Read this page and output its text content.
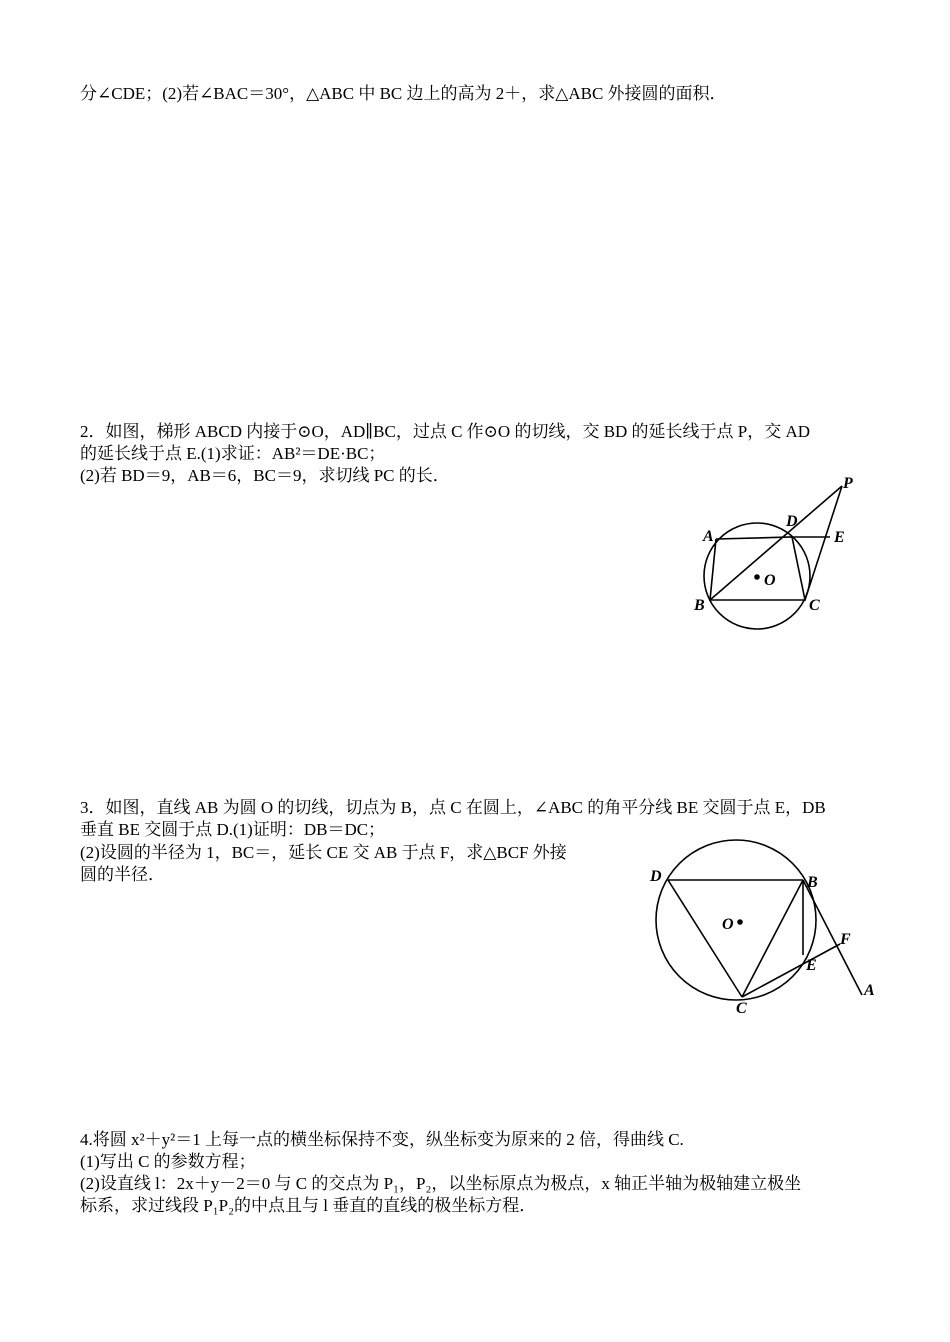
分∠CDE；(2)若∠BAC＝30°，△ABC 中 BC 边上的高为 2＋，求△ABC 外接圆的面积．
2．如图，梯形 ABCD 内接于⊙O，AD∥BC，过点 C 作⊙O 的切线，交 BD 的延长线于点 P，交 AD
的延长线于点 E.(1)求证：AB²＝DE·BC；
(2)若 BD＝9，AB＝6，BC＝9，求切线 PC 的长．
A
B	C
D
E
P
O
3．如图，直线 AB 为圆 O 的切线，切点为 B，点 C 在圆上，∠ABC 的角平分线 BE 交圆于点 E，DB
垂直 BE 交圆于点 D.(1)证明：DB＝DC；
(2)设圆的半径为 1，BC＝，延长 CE 交 AB 于点 F，求△BCF 外接
圆的半径．	D	B
O
F
E
C
A
4.将圆 x²＋y²＝1 上每一点的横坐标保持不变，纵坐标变为原来的 2 倍，得曲线 C.
(1)写出 C 的参数方程；
(2)设直线 l：2x＋y－2＝0 与 C 的交点为 P₁，P₂，以坐标原点为极点，x 轴正半轴为极轴建立极坐
标系，求过线段 P₁P₂的中点且与 l 垂直的直线的极坐标方程．
